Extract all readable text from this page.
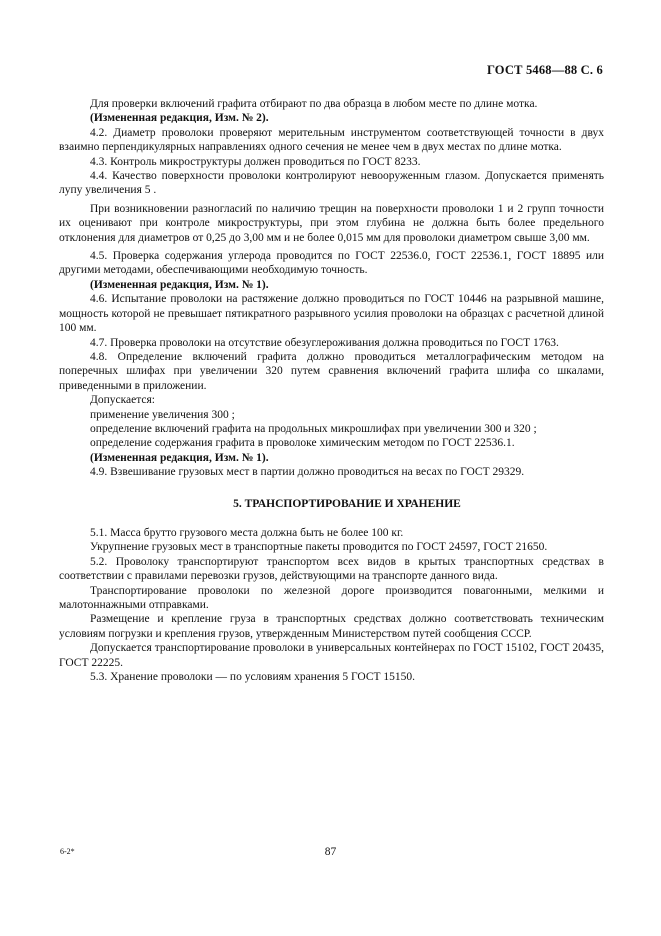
ГОСТ 5468—88 С. 6

Для проверки включений графита отбирают по два образца в любом месте по длине мотка.

(Измененная редакция, Изм. № 2).

4.2. Диаметр проволоки проверяют мерительным инструментом соответствующей точности в двух взаимно перпендикулярных направлениях одного сечения не менее чем в двух местах по длине мотка.

4.3. Контроль микроструктуры должен проводиться по ГОСТ 8233.

4.4. Качество поверхности проволоки контролируют невооруженным глазом. Допускается применять лупу увеличения 5 .

При возникновении разногласий по наличию трещин на поверхности проволоки 1 и 2 групп точности их оценивают при контроле микроструктуры, при этом глубина не должна быть более предельного отклонения для диаметров от 0,25 до 3,00 мм и не более 0,015 мм для проволоки диаметром свыше 3,00 мм.

4.5. Проверка содержания углерода проводится по ГОСТ 22536.0, ГОСТ 22536.1, ГОСТ 18895 или другими методами, обеспечивающими необходимую точность.

(Измененная редакция, Изм. № 1).

4.6. Испытание проволоки на растяжение должно проводиться по ГОСТ 10446 на разрывной машине, мощность которой не превышает пятикратного разрывного усилия проволоки на образцах с расчетной длиной 100 мм.

4.7. Проверка проволоки на отсутствие обезуглероживания должна проводиться по ГОСТ 1763.

4.8. Определение включений графита должно проводиться металлографическим методом на поперечных шлифах при увеличении 320 путем сравнения включений графита шлифа со шкалами, приведенными в приложении.

Допускается:

применение увеличения 300 ;

определение включений графита на продольных микрошлифах при увеличении 300 и 320 ;

определение содержания графита в проволоке химическим методом по ГОСТ 22536.1.

(Измененная редакция, Изм. № 1).

4.9. Взвешивание грузовых мест в партии должно проводиться на весах по ГОСТ 29329.

5. ТРАНСПОРТИРОВАНИЕ И ХРАНЕНИЕ

5.1. Масса брутто грузового места должна быть не более 100 кг.

Укрупнение грузовых мест в транспортные пакеты проводится по ГОСТ 24597, ГОСТ 21650.

5.2. Проволоку транспортируют транспортом всех видов в крытых транспортных средствах в соответствии с правилами перевозки грузов, действующими на транспорте данного вида.

Транспортирование проволоки по железной дороге производится повагонными, мелкими и малотоннажными отправками.

Размещение и крепление груза в транспортных средствах должно соответствовать техническим условиям погрузки и крепления грузов, утвержденным Министерством путей сообщения СССР.

Допускается транспортирование проволоки в универсальных контейнерах по ГОСТ 15102, ГОСТ 20435, ГОСТ 22225.

5.3. Хранение проволоки — по условиям хранения 5 ГОСТ 15150.

6-2*	87
